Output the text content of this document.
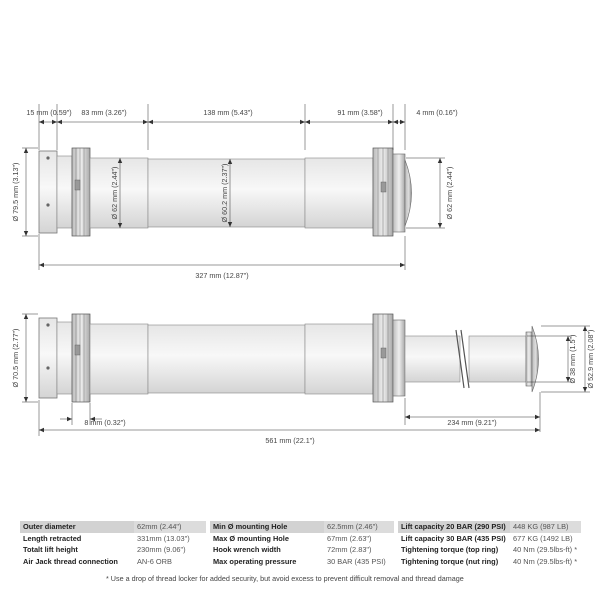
15 mm (0.59") 83 mm (3.26")	138 mm (5.43")	91 mm (3.58")	4 mm (0.16")
327 mm (12.87")
Ø 79.5 mm (3.13")	Ø 62 mm (2.44")	Ø 60.2 mm (2.37")	Ø 62 mm (2.44")
Ø 70.5 mm (2.77")
8 mm (0.32")	234 mm (9.21")
561 mm (22.1")
Ø 38 mm (1.5") Ø 52.9 mm (2.08")
Outer diameter	62mm (2.44")		Min Ø mounting Hole	62.5mm (2.46")		Lift capacity 20 BAR (290 PSI)	448 KG (987 LB)
Length retracted	331mm (13.03")		Max Ø mounting Hole	67mm (2.63")		Lift capacity 30 BAR (435 PSI)	677 KG (1492 LB)
Totalt lift height	230mm (9.06")		Hook wrench width	72mm (2.83")		Tightening torque (top ring)	40 Nm (29.5lbs-ft) *
Air Jack thread connection	AN-6 ORB		Max operating pressure	30 BAR (435 PSI)		Tightening torque (nut ring)	40 Nm (29.5lbs-ft) *
* Use a drop of thread locker for added security, but avoid excess to prevent difficult removal and thread damage
